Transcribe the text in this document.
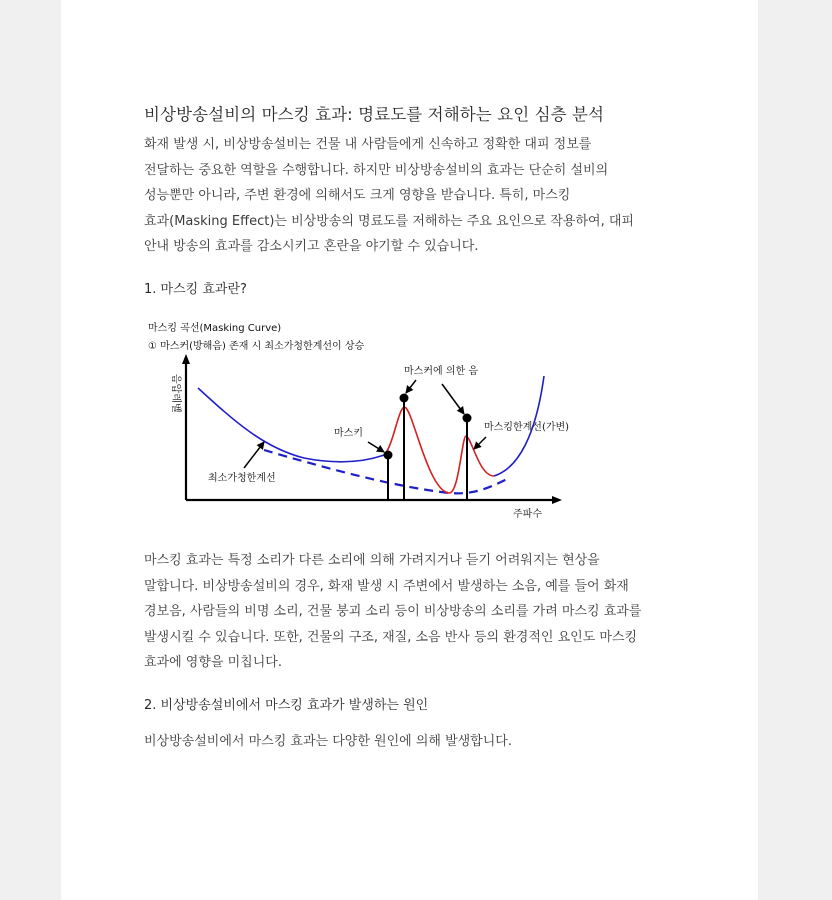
비상방송설비의 마스킹 효과: 명료도를 저해하는 요인 심층 분석
화재 발생 시, 비상방송설비는 건물 내 사람들에게 신속하고 정확한 대피 정보를
전달하는 중요한 역할을 수행합니다. 하지만 비상방송설비의 효과는 단순히 설비의
성능뿐만 아니라, 주변 환경에 의해서도 크게 영향을 받습니다. 특히, 마스킹
효과(Masking Effect)는 비상방송의 명료도를 저해하는 주요 요인으로 작용하여, 대피
안내 방송의 효과를 감소시키고 혼란을 야기할 수 있습니다.
1. 마스킹 효과란?
마스킹 곡선(Masking Curve)
① 마스커(방해음) 존재 시 최소가청한계선이 상승
음압레벨
주파수
마스커에 의한 음
마스키
마스킹한계선(가변)
최소가청한계선
마스킹 효과는 특정 소리가 다른 소리에 의해 가려지거나 듣기 어려워지는 현상을
말합니다. 비상방송설비의 경우, 화재 발생 시 주변에서 발생하는 소음, 예를 들어 화재
경보음, 사람들의 비명 소리, 건물 붕괴 소리 등이 비상방송의 소리를 가려 마스킹 효과를
발생시킬 수 있습니다. 또한, 건물의 구조, 재질, 소음 반사 등의 환경적인 요인도 마스킹
효과에 영향을 미칩니다.
2. 비상방송설비에서 마스킹 효과가 발생하는 원인
비상방송설비에서 마스킹 효과는 다양한 원인에 의해 발생합니다.
